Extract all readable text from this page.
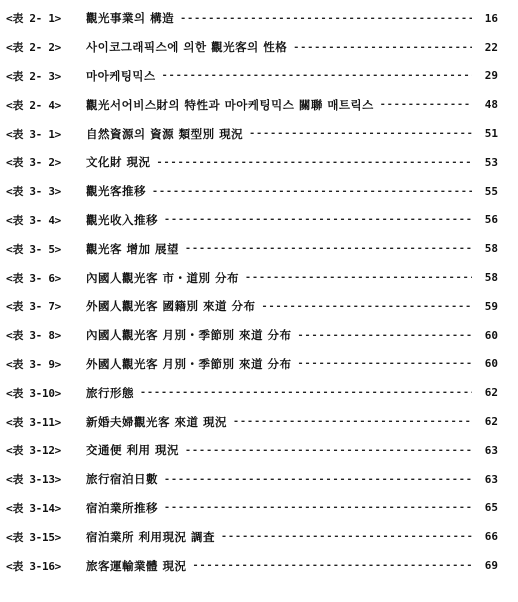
<表 2- 1>	觀光事業의 構造 -----	16
<表 2- 2>	사이코그래픽스에 의한 觀光客의 性格 -----	22
<表 2- 3>	마아케팅믹스 -----	29
<表 2- 4>	觀光서어비스財의 特性과 마아케팅믹스 關聯 매트릭스 -----	48
<表 3- 1>	自然資源의 資源 類型別 現況 -----	51
<表 3- 2>	文化財 現況 -----	53
<表 3- 3>	觀光客推移 -----	55
<表 3- 4>	觀光收入推移 -----	56
<表 3- 5>	觀光客 增加 展望 -----	58
<表 3- 6>	內國人觀光客 市・道別 分布 -----	58
<表 3- 7>	外國人觀光客 國籍別 來道 分布 -----	59
<表 3- 8>	內國人觀光客 月別・季節別 來道 分布 -----	60
<表 3- 9>	外國人觀光客 月別・季節別 來道 分布 -----	60
<表 3-10>	旅行形態 -----	62
<表 3-11>	新婚夫婦觀光客 來道 現況 -----	62
<表 3-12>	交通便 利用 現況 -----	63
<表 3-13>	旅行宿泊日數 -----	63
<表 3-14>	宿泊業所推移 -----	65
<表 3-15>	宿泊業所 利用現況 調査 -----	66
<表 3-16>	旅客運輸業體 現況 -----	69
